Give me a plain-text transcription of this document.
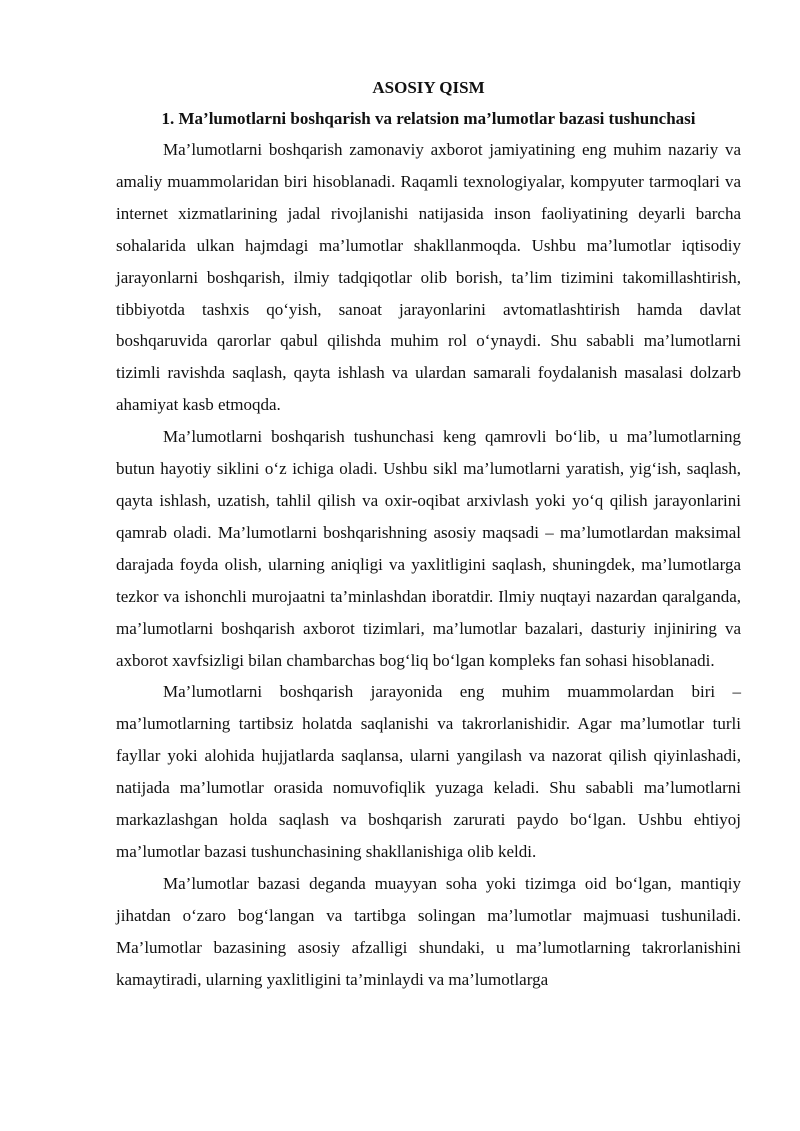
ASOSIY QISM
1. Ma’lumotlarni boshqarish va relatsion ma’lumotlar bazasi tushunchasi

Ma’lumotlarni boshqarish zamonaviy axborot jamiyatining eng muhim nazariy va amaliy muammolaridan biri hisoblanadi. Raqamli texnologiyalar, kompyuter tarmoqlari va internet xizmatlarining jadal rivojlanishi natijasida inson faoliyatining deyarli barcha sohalarida ulkan hajmdagi ma’lumotlar shakllanmoqda. Ushbu ma’lumotlar iqtisodiy jarayonlarni boshqarish, ilmiy tadqiqotlar olib borish, ta’lim tizimini takomillashtirish, tibbiyotda tashxis qo‘yish, sanoat jarayonlarini avtomatlashtirish hamda davlat boshqaruvida qarorlar qabul qilishda muhim rol o‘ynaydi. Shu sababli ma’lumotlarni tizimli ravishda saqlash, qayta ishlash va ulardan samarali foydalanish masalasi dolzarb ahamiyat kasb etmoqda.

Ma’lumotlarni boshqarish tushunchasi keng qamrovli bo‘lib, u ma’lumotlarning butun hayotiy siklini o‘z ichiga oladi. Ushbu sikl ma’lumotlarni yaratish, yig‘ish, saqlash, qayta ishlash, uzatish, tahlil qilish va oxir-oqibat arxivlash yoki yo‘q qilish jarayonlarini qamrab oladi. Ma’lumotlarni boshqarishning asosiy maqsadi – ma’lumotlardan maksimal darajada foyda olish, ularning aniqligi va yaxlitligini saqlash, shuningdek, ma’lumotlarga tezkor va ishonchli murojaatni ta’minlashdan iboratdir. Ilmiy nuqtayi nazardan qaralganda, ma’lumotlarni boshqarish axborot tizimlari, ma’lumotlar bazalari, dasturiy injiniring va axborot xavfsizligi bilan chambarchas bog‘liq bo‘lgan kompleks fan sohasi hisoblanadi.

Ma’lumotlarni boshqarish jarayonida eng muhim muammolardan biri – ma’lumotlarning tartibsiz holatda saqlanishi va takrorlanishidir. Agar ma’lumotlar turli fayllar yoki alohida hujjatlarda saqlansa, ularni yangilash va nazorat qilish qiyinlashadi, natijada ma’lumotlar orasida nomuvofiqlik yuzaga keladi. Shu sababli ma’lumotlarni markazlashgan holda saqlash va boshqarish zarurati paydo bo‘lgan. Ushbu ehtiyoj ma’lumotlar bazasi tushunchasining shakllanishiga olib keldi.

Ma’lumotlar bazasi deganda muayyan soha yoki tizimga oid bo‘lgan, mantiqiy jihatdan o‘zaro bog‘langan va tartibga solingan ma’lumotlar majmuasi tushuniladi. Ma’lumotlar bazasining asosiy afzalligi shundaki, u ma’lumotlarning takrorlanishini kamaytiradi, ularning yaxlitligini ta’minlaydi va ma’lumotlarga
